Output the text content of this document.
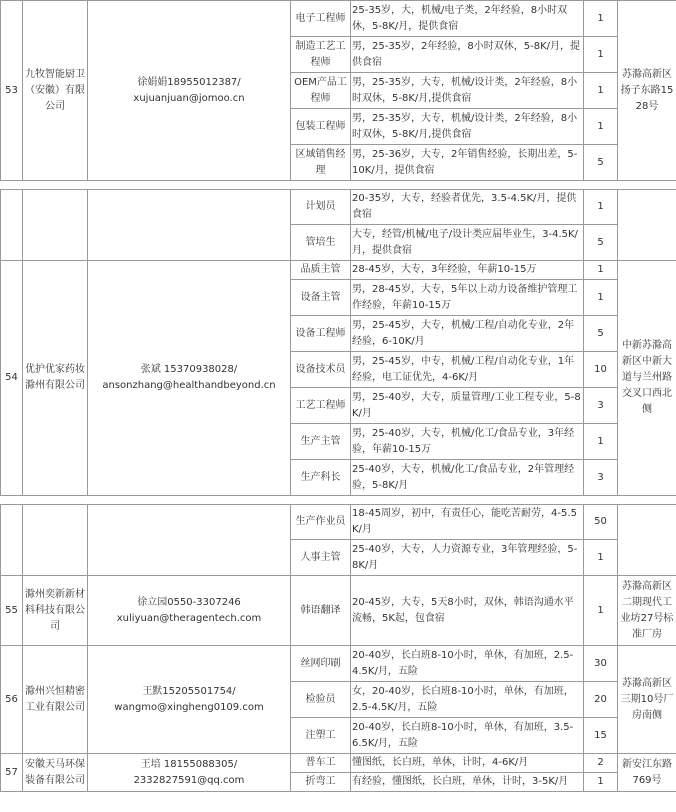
53	九牧智能厨卫（安徽）有限公司	徐娟娟18955012387/
xujuanjuan@jomoo.cn	电子工程师	25-35岁，大，机械/电子类，2年经验，8小时双休，5-8K/月，提供食宿	1	苏滁高新区扬子东路1528号
			制造工艺工程师	男，25-35岁，2年经验，8小时双休，5-8K/月，提供食宿	1	
			OEM产品工程师	男，25-35岁，大专，机械/设计类，2年经验，8小时双休，5-8K/月,提供食宿	1	
			包装工程师	男，25-35岁，大专，机械/设计类，2年经验，8小时双休，5-8K/月,提供食宿	1	
			区域销售经理	男，25-36岁，大专，2年销售经验，长期出差，5-10K/月，提供食宿	5	
			计划员	20-35岁，大专，经验者优先，3.5-4.5K/月，提供食宿	1	
			管培生	大专，经管/机械/电子/设计类应届毕业生，3-4.5K/月，提供食宿	5	
54	优护优家药妆滁州有限公司	张斌 15370938028/
ansonzhang@healthandbeyond.cn	品质主管	28-45岁，大专，3年经验，年薪10-15万	1	中新苏滁高新区中新大道与兰州路交叉口西北侧
			设备主管	男，28-45岁，大专，5年以上动力设备维护管理工作经验，年薪10-15万	1	
			设备工程师	男，25-45岁，大专，机械/工程/自动化专业，2年经验，6-10K/月	5	
			设备技术员	男，25-45岁，中专，机械/工程/自动化专业，1年经验，电工证优先，4-6K/月	10	
			工艺工程师	男，25-40岁，大专，质量管理/工业工程专业，5-8K/月	3	
			生产主管	男，25-40岁，大专，机械/化工/食品专业，3年经验，年薪10-15万	1	
			生产科长	25-40岁，大专，机械/化工/食品专业，2年管理经验，5-8K/月	3	
			生产作业员	18-45周岁，初中，有责任心，能吃苦耐劳，4-5.5K/月	50	
			人事主管	25-40岁，大专，人力资源专业，3年管理经验，5-8K/月	1	
55	滁州奕新新材料科技有限公司	徐立园0550-3307246
xuliyuan@theragentech.com	韩语翻译	20-45岁，大专，5天8小时，双休，韩语沟通水平流畅，5K起，包食宿	1	苏滁高新区二期现代工业坊27号标准厂房
56	滁州兴恒精密工业有限公司	王默15205501754/
wangmo@xingheng0109.com	丝网印刷	20-40岁，长白班8-10小时，单休，有加班，2.5-4.5K/月，五险	30	苏滁高新区三期10号厂房南侧
			检验员	女，20-40岁，长白班8-10小时，单休，有加班，2.5-4.5K/月，五险	20	
			注塑工	20-40岁，长白班8-10小时，单休，有加班，3.5-6.5K/月，五险	15	
57	安徽天马环保装备有限公司	王培 18155088305/
2332827591@qq.com	普车工	懂图纸，长白班，单休，计时，4-6K/月	2	新安江东路769号
			折弯工	有经验，懂图纸，长白班，单休，计时，3-5K/月	1	
